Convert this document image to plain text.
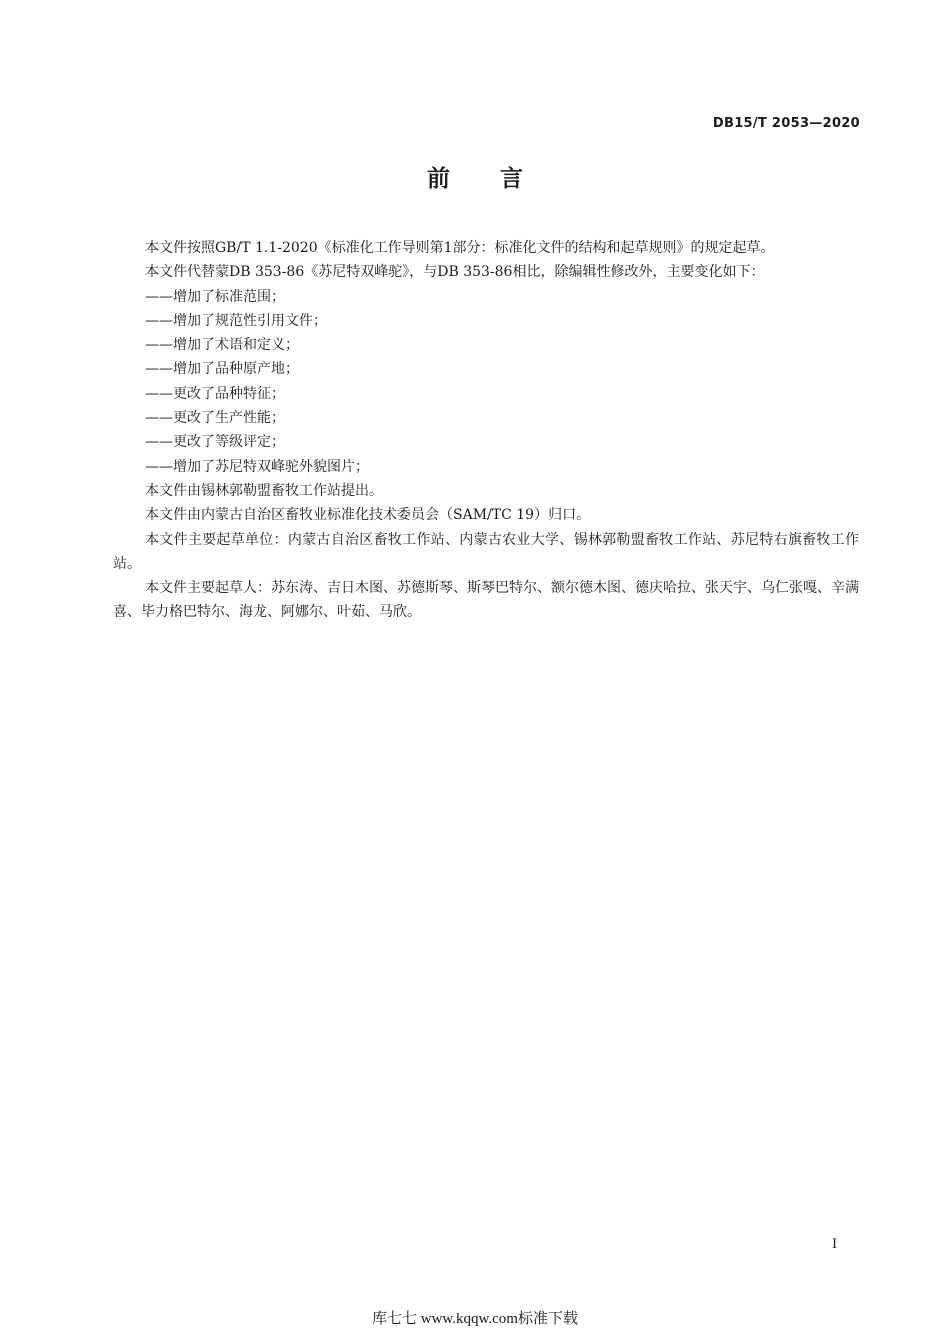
DB15/T 2053—2020
前言

本文件按照GB/T 1.1-2020《标准化工作导则第1部分：标准化文件的结构和起草规则》的规定起草。

本文件代替蒙DB 353-86《苏尼特双峰驼》，与DB 353-86相比，除编辑性修改外，主要变化如下：

——增加了标准范围；

——增加了规范性引用文件；

——增加了术语和定义；

——增加了品种原产地；

——更改了品种特征；

——更改了生产性能；

——更改了等级评定；

——增加了苏尼特双峰驼外貌图片；

本文件由锡林郭勒盟畜牧工作站提出。

本文件由内蒙古自治区畜牧业标准化技术委员会（SAM/TC 19）归口。

本文件主要起草单位：内蒙古自治区畜牧工作站、内蒙古农业大学、锡林郭勒盟畜牧工作站、苏尼特右旗畜牧工作站。

本文件主要起草人：苏东涛、吉日木图、苏德斯琴、斯琴巴特尔、额尔德木图、德庆哈拉、张天宇、乌仁张嘎、辛满喜、毕力格巴特尔、海龙、阿娜尔、叶茹、马欣。

I
库七七 www.kqqw.com标准下载
